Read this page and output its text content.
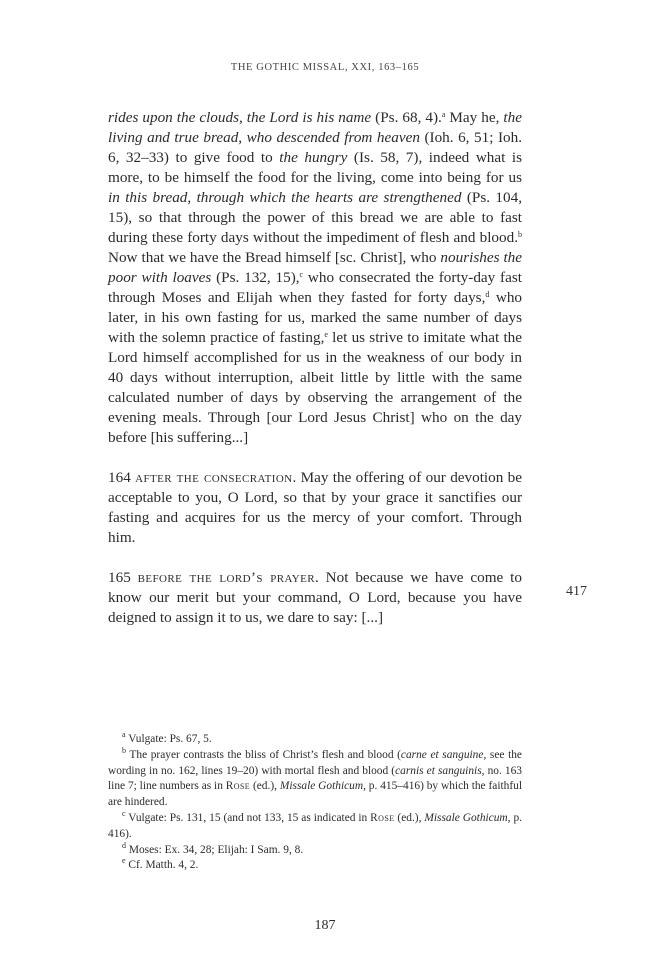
THE GOTHIC MISSAL, XXI, 163–165

rides upon the clouds, the Lord is his name (Ps. 68, 4).$^a$ May he, the living and true bread, who descended from heaven (Ioh. 6, 51; Ioh. 6, 32–33) to give food to the hungry (Is. 58, 7), indeed what is more, to be himself the food for the living, come into being for us in this bread, through which the hearts are strengthened (Ps. 104, 15), so that through the power of this bread we are able to fast during these forty days without the impediment of flesh and blood.$^b$ Now that we have the Bread himself [sc. Christ], who nourishes the poor with loaves (Ps. 132, 15),$^c$ who consecrated the forty-day fast through Moses and Elijah when they fasted for forty days,$^d$ who later, in his own fasting for us, marked the same number of days with the solemn practice of fasting,$^e$ let us strive to imitate what the Lord himself accomplished for us in the weakness of our body in 40 days without interruption, albeit little by little with the same calculated number of days by observing the arrangement of the evening meals. Through [our Lord Jesus Christ] who on the day before [his suffering...]

164 after the consecration. May the offering of our devotion be acceptable to you, O Lord, so that by your grace it sanctifies our fasting and acquires for us the mercy of your comfort. Through him.

165 before the lord’s prayer. Not because we have come to know our merit but your command, O Lord, because you have deigned to assign it to us, we dare to say: [...]

417

$^a$ Vulgate: Ps. 67, 5.

$^b$ The prayer contrasts the bliss of Christ’s flesh and blood (carne et sanguine, see the wording in no. 162, lines 19–20) with mortal flesh and blood (carnis et sanguinis, no. 163 line 7; line numbers as in Rose (ed.), Missale Gothicum, p. 415–416) by which the faithful are hindered.

$^c$ Vulgate: Ps. 131, 15 (and not 133, 15 as indicated in Rose (ed.), Missale Gothicum, p. 416).

$^d$ Moses: Ex. 34, 28; Elijah: I Sam. 9, 8.

$^e$ Cf. Matth. 4, 2.

187
